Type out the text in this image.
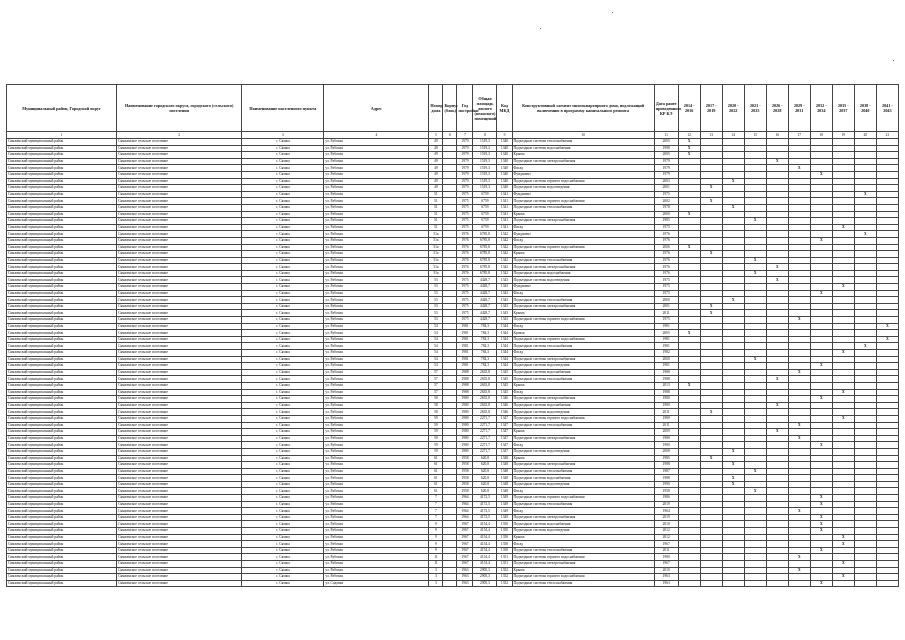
Муниципальный район, Городской округ	Наименование городского округа, городского (сельского) поселения	Наименование населенного пункта	Адрес	Номер дома	Корпус (блок)	Год постройки	Общая площадь жилого (нежилого) помещений	Код МКД	Конструктивный элемент многоквартирного дома, подлежащий включению в программу капитального ремонта	Дата ранее проведенного КР КЭ	2014 - 2016	2017 - 2019	2020 - 2022	2023 - 2025	2026 - 2028	2029 - 2031	2032 - 2034	2035 - 2037	2038 - 2040	2041 - 2043
1	2	3	4	5	6	7	8	9	10	11	12	13	14	15	16	17	18	19	20	21
Сямженский муниципальный район	Сямженское сельское поселение	с. Сямжа	ул. Рабочая	49		1979	1519,3	1340	Подъездные системы теплоснабжения	2005	X									
Сямженский муниципальный район	Сямженское сельское поселение	с. Сямжа	ул. Рабочая	49		1979	1519,3	1340	Подъездные системы водоснабжения	1998	X									
Сямженский муниципальный район	Сямженское сельское поселение	с. Сямжа	ул. Рабочая	49		1979	1519,3	1340	Крыша	2005	X									
Сямженский муниципальный район	Сямженское сельское поселение	с. Сямжа	ул. Рабочая	49		1979	1519,3	1340	Подъездные системы электроснабжения	1979					X					
Сямженский муниципальный район	Сямженское сельское поселение	с. Сямжа	ул. Рабочая	49		1979	1519,3	1340	Фасад	1979						X				
Сямженский муниципальный район	Сямженское сельское поселение	с. Сямжа	ул. Рабочая	49		1979	1519,3	1340	Фундамент	1979							X			
Сямженский муниципальный район	Сямженское сельское поселение	с. Сямжа	ул. Рабочая	49		1979	1519,3	1340	Подъездные системы горячего водоснабжения	2003			X							
Сямженский муниципальный район	Сямженское сельское поселение	с. Сямжа	ул. Рабочая	49		1979	1519,3	1340	Подъездные системы водоотведения	2001		X								
Сямженский муниципальный район	Сямженское сельское поселение	с. Сямжа	ул. Рабочая	51		1975	6759	1341	Фундамент	1975									X	
Сямженский муниципальный район	Сямженское сельское поселение	с. Сямжа	ул. Рабочая	51		1975	6759	1341	Подъездные системы горячего водоснабжения	2002		X								
Сямженский муниципальный район	Сямженское сельское поселение	с. Сямжа	ул. Рабочая	51		1975	6759	1341	Подъездные системы теплоснабжения	1978			X							
Сямженский муниципальный район	Сямженское сельское поселение	с. Сямжа	ул. Рабочая	51		1975	6759	1341	Крыша	2000	X									
Сямженский муниципальный район	Сямженское сельское поселение	с. Сямжа	ул. Рабочая	51		1975	6759	1341	Подъездные системы электроснабжения	1985				X						
Сямженский муниципальный район	Сямженское сельское поселение	с. Сямжа	ул. Рабочая	51		1975	6759	1341	Фасад	1975								X		
Сямженский муниципальный район	Сямженское сельское поселение	с. Сямжа	ул. Рабочая	51а		1976	6785,8	1342	Фундамент	1976									X	
Сямженский муниципальный район	Сямженское сельское поселение	с. Сямжа	ул. Рабочая	51а		1976	6785,8	1342	Фасад	1976							X			
Сямженский муниципальный район	Сямженское сельское поселение	с. Сямжа	ул. Рабочая	51а		1976	6785,8	1342	Подъездные системы горячего водоснабжения	2006	X									
Сямженский муниципальный район	Сямженское сельское поселение	с. Сямжа	ул. Рабочая	51а		1976	6785,8	1342	Крыша	1976		X								
Сямженский муниципальный район	Сямженское сельское поселение	с. Сямжа	ул. Рабочая	51а		1976	6785,8	1342	Подъездные системы теплоснабжения	1976				X						
Сямженский муниципальный район	Сямженское сельское поселение	с. Сямжа	ул. Рабочая	51а		1976	6785,8	1342	Подъездные системы электроснабжения	1976					X					
Сямженский муниципальный район	Сямженское сельское поселение	с. Сямжа	ул. Рабочая	51а		1976	6785,8	1342	Подъездные системы водоснабжения	1976				X						
Сямженский муниципальный район	Сямженское сельское поселение	с. Сямжа	ул. Рабочая	53		1975	4428,7	1343	Подъездные системы водоотведения	1975					X					
Сямженский муниципальный район	Сямженское сельское поселение	с. Сямжа	ул. Рабочая	53		1975	4428,7	1343	Фундамент	1975								X		
Сямженский муниципальный район	Сямженское сельское поселение	с. Сямжа	ул. Рабочая	53		1975	4428,7	1343	Фасад	1975							X			
Сямженский муниципальный район	Сямженское сельское поселение	с. Сямжа	ул. Рабочая	53		1975	4428,7	1343	Подъездные системы теплоснабжения	2000			X							
Сямженский муниципальный район	Сямженское сельское поселение	с. Сямжа	ул. Рабочая	53		1975	4428,7	1343	Подъездные системы электроснабжения	2001		X								
Сямженский муниципальный район	Сямженское сельское поселение	с. Сямжа	ул. Рабочая	53		1975	4428,7	1343	Крыша	2011		X								
Сямженский муниципальный район	Сямженское сельское поселение	с. Сямжа	ул. Рабочая	53		1975	4428,7	1343	Подъездные системы горячего водоснабжения	1975						X				
Сямженский муниципальный район	Сямженское сельское поселение	с. Сямжа	ул. Рабочая	54		1981	784,3	1344	Фасад	1981										X
Сямженский муниципальный район	Сямженское сельское поселение	с. Сямжа	ул. Рабочая	54		1981	784,3	1344	Кровля	2005	X									
Сямженский муниципальный район	Сямженское сельское поселение	с. Сямжа	ул. Рабочая	54		1981	784,3	1344	Подъездные системы горячего водоснабжения	1981										X
Сямженский муниципальный район	Сямженское сельское поселение	с. Сямжа	ул. Рабочая	54		1981	784,3	1344	Подъездные системы теплоснабжения	1981									X	
Сямженский муниципальный район	Сямженское сельское поселение	с. Сямжа	ул. Рабочая	54		1981	784,3	1344	Фасад	1982								X		
Сямженский муниципальный район	Сямженское сельское поселение	с. Сямжа	ул. Рабочая	54		1981	784,3	1344	Подъездные системы электроснабжения	2000				X						
Сямженский муниципальный район	Сямженское сельское поселение	с. Сямжа	ул. Рабочая	54		1981	784,3	1344	Подъездные системы водоотведения	1981							X			
Сямженский муниципальный район	Сямженское сельское поселение	с. Сямжа	ул. Рабочая	57		1988	2635,8	1345	Подъездные системы водоснабжения	1988						X				
Сямженский муниципальный район	Сямженское сельское поселение	с. Сямжа	ул. Рабочая	57		1988	2635,8	1345	Подъездные системы теплоснабжения	1988					X					
Сямженский муниципальный район	Сямженское сельское поселение	с. Сямжа	ул. Рабочая	57		1988	2635,8	1345	Крыша	2013	X									
Сямженский муниципальный район	Сямженское сельское поселение	с. Сямжа	ул. Рабочая	57		1988	2635,8	1345	Фасад	1988								X		
Сямженский муниципальный район	Сямженское сельское поселение	с. Сямжа	ул. Рабочая	58		1980	2635,8	1346	Подъездные системы электроснабжения	1980							X			
Сямженский муниципальный район	Сямженское сельское поселение	с. Сямжа	ул. Рабочая	58		1980	2635,8	1346	Подъездные системы водоснабжения	1980					X					
Сямженский муниципальный район	Сямженское сельское поселение	с. Сямжа	ул. Рабочая	58		1980	2635,8	1346	Подъездные системы водоотведения	2011		X								
Сямженский муниципальный район	Сямженское сельское поселение	с. Сямжа	ул. Рабочая	59		1980	2271,7	1347	Подъездные системы горячего водоснабжения	1980								X		
Сямженский муниципальный район	Сямженское сельское поселение	с. Сямжа	ул. Рабочая	59		1980	2271,7	1347	Подъездные системы теплоснабжения	2011						X				
Сямженский муниципальный район	Сямженское сельское поселение	с. Сямжа	ул. Рабочая	59		1980	2271,7	1347	Крыша	2009					X					
Сямженский муниципальный район	Сямженское сельское поселение	с. Сямжа	ул. Рабочая	59		1980	2271,7	1347	Подъездные системы электроснабжения	1980						X				
Сямженский муниципальный район	Сямженское сельское поселение	с. Сямжа	ул. Рабочая	59		1980	2271,7	1347	Фасад	1980							X			
Сямженский муниципальный район	Сямженское сельское поселение	с. Сямжа	ул. Рабочая	59		1980	2271,7	1347	Подъездные системы водоотведения	2008			X							
Сямженский муниципальный район	Сямженское сельское поселение	с. Сямжа	ул. Рабочая	61		1958	620,8	1348	Крыша	1985		X								
Сямженский муниципальный район	Сямженское сельское поселение	с. Сямжа	ул. Рабочая	61		1958	620,8	1348	Подъездные системы электроснабжения	1988			X							
Сямженский муниципальный район	Сямженское сельское поселение	с. Сямжа	ул. Рабочая	61		1958	620,8	1348	Подъездные системы теплоснабжения	1987				X						
Сямженский муниципальный район	Сямженское сельское поселение	с. Сямжа	ул. Рабочая	61		1958	620,8	1348	Подъездные системы водоснабжения	1988			X							
Сямженский муниципальный район	Сямженское сельское поселение	с. Сямжа	ул. Рабочая	61		1958	620,8	1348	Подъездные системы водоотведения	1990			X							
Сямженский муниципальный район	Сямженское сельское поселение	с. Сямжа	ул. Рабочая	61		1958	620,8	1348	Фасад	1958				X						
Сямженский муниципальный район	Сямженское сельское поселение	с. Сямжа	ул. Рабочая	7		1964	4172,5	1349	Подъездные системы горячего водоснабжения	1986							X			
Сямженский муниципальный район	Сямженское сельское поселение	с. Сямжа	ул. Рабочая	7		1964	4172,5	1349	Подъездные системы теплоснабжения	2019							X			
Сямженский муниципальный район	Сямженское сельское поселение	с. Сямжа	ул. Рабочая	7		1964	4172,5	1349	Фасад	1964						X				
Сямженский муниципальный район	Сямженское сельское поселение	с. Сямжа	ул. Рабочая	7		1964	4172,5	1349	Подъездные системы электроснабжения	2019							X			
Сямженский муниципальный район	Сямженское сельское поселение	с. Сямжа	ул. Рабочая	9		1967	4154,4	1350	Подъездные системы водоснабжения	2018							X			
Сямженский муниципальный район	Сямженское сельское поселение	с. Сямжа	ул. Рабочая	9		1967	4154,4	1350	Подъездные системы водоотведения	2012							X			
Сямженский муниципальный район	Сямженское сельское поселение	с. Сямжа	ул. Рабочая	9		1967	4154,4	1350	Крыша	2012								X		
Сямженский муниципальный район	Сямженское сельское поселение	с. Сямжа	ул. Рабочая	9		1967	4154,4	1350	Фасад	1967								X		
Сямженский муниципальный район	Сямженское сельское поселение	с. Сямжа	ул. Рабочая	9		1967	4154,4	1350	Подъездные системы теплоснабжения	2011							X			
Сямженский муниципальный район	Сямженское сельское поселение	с. Сямжа	ул. Рабочая	11		1967	4154,4	1351	Подъездные системы горячего водоснабжения	1980						X				
Сямженский муниципальный район	Сямженское сельское поселение	с. Сямжа	ул. Рабочая	11		1967	4154,4	1351	Подъездные системы электроснабжения	1967								X		
Сямженский муниципальный район	Сямженское сельское поселение	с. Сямжа	ул. Рабочая	3		1963	2905,3	1352	Крыша	2010						X				
Сямженский муниципальный район	Сямженское сельское поселение	с. Сямжа	ул. Рабочая	3		1963	2905,3	1352	Подъездные системы горячего водоснабжения	1963								X		
Сямженский муниципальный район	Сямженское сельское поселение	с. Сямжа	ул. Садовая	3		1963	2905,3	1352	Подъездные системы теплоснабжения	1963							X			
